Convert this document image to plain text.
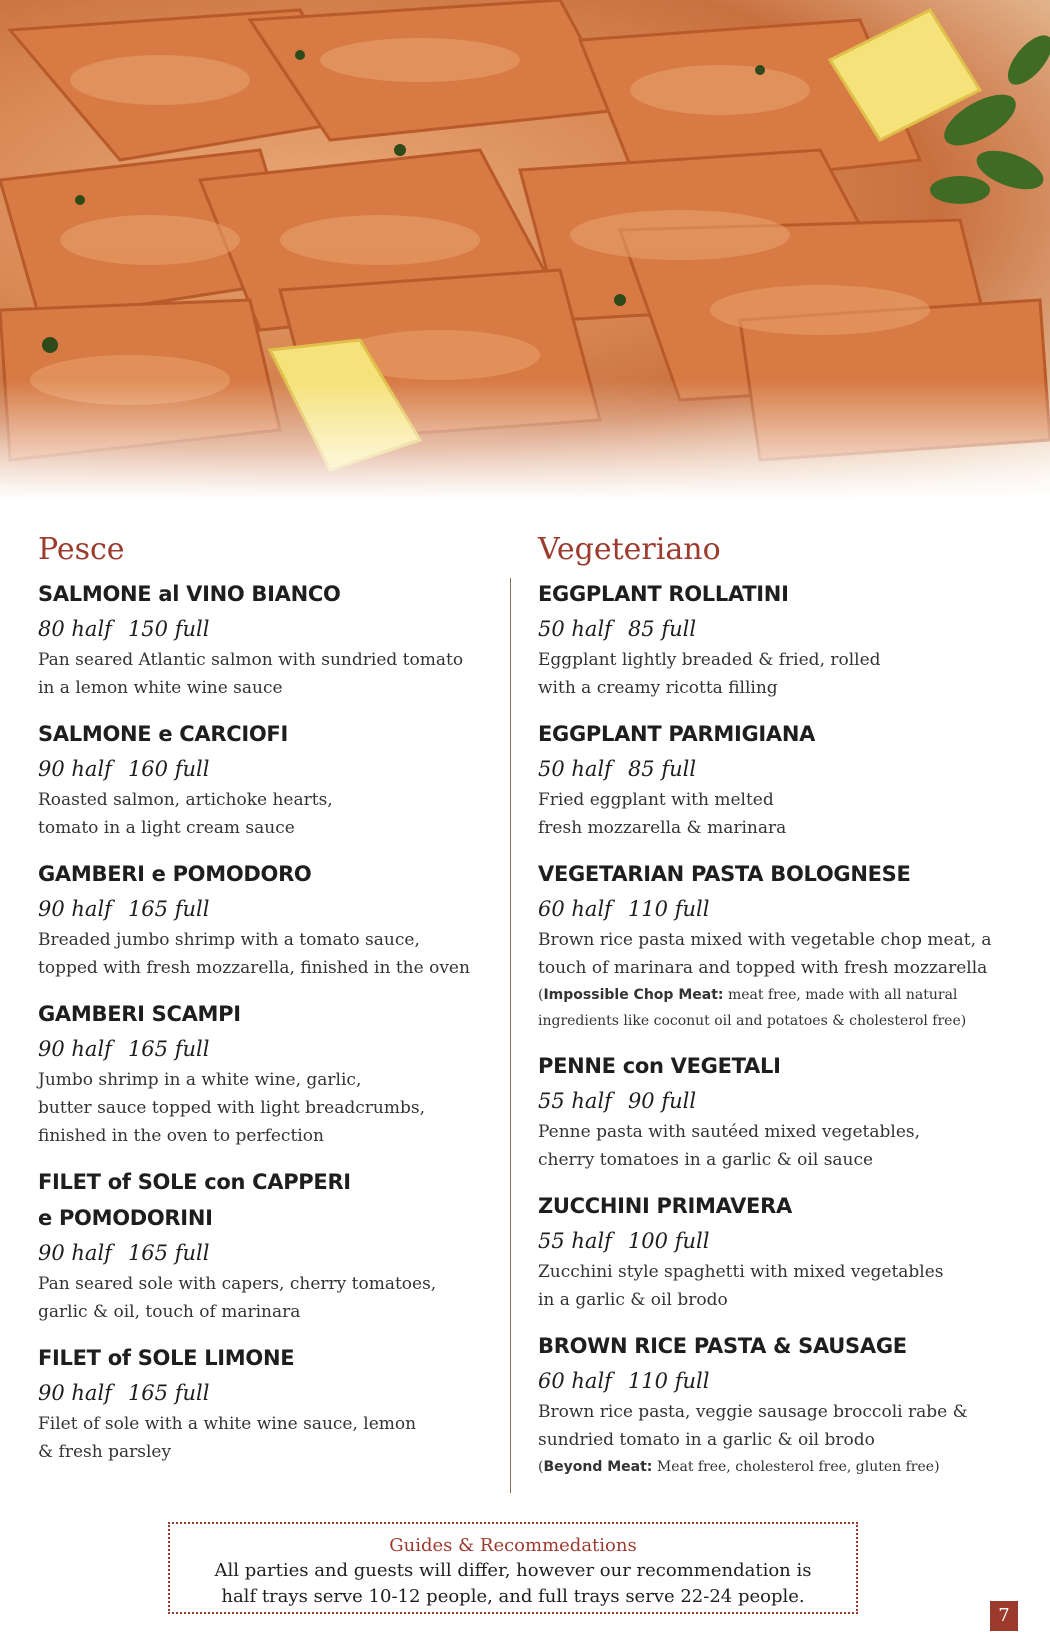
Pesce
SALMONE al VINO BIANCO
80 half 150 full
Pan seared Atlantic salmon with sundried tomato
in a lemon white wine sauce
SALMONE e CARCIOFI
90 half 160 full
Roasted salmon, artichoke hearts,
tomato in a light cream sauce
GAMBERI e POMODORO
90 half 165 full
Breaded jumbo shrimp with a tomato sauce,
topped with fresh mozzarella, finished in the oven
GAMBERI SCAMPI
90 half 165 full
Jumbo shrimp in a white wine, garlic,
butter sauce topped with light breadcrumbs,
finished in the oven to perfection
FILET of SOLE con CAPPERI e POMODORINI
90 half 165 full
Pan seared sole with capers, cherry tomatoes,
garlic & oil, touch of marinara
FILET of SOLE LIMONE
90 half 165 full
Filet of sole with a white wine sauce, lemon
& fresh parsley
Vegeteriano
EGGPLANT ROLLATINI
50 half 85 full
Eggplant lightly breaded & fried, rolled
with a creamy ricotta filling
EGGPLANT PARMIGIANA
50 half 85 full
Fried eggplant with melted
fresh mozzarella & marinara
VEGETARIAN PASTA BOLOGNESE
60 half 110 full
Brown rice pasta mixed with vegetable chop meat, a
touch of marinara and topped with fresh mozzarella
(Impossible Chop Meat: meat free, made with all natural
ingredients like coconut oil and potatoes & cholesterol free)
PENNE con VEGETALI
55 half 90 full
Penne pasta with sautéed mixed vegetables,
cherry tomatoes in a garlic & oil sauce
ZUCCHINI PRIMAVERA
55 half 100 full
Zucchini style spaghetti with mixed vegetables
in a garlic & oil brodo
BROWN RICE PASTA & SAUSAGE
60 half 110 full
Brown rice pasta, veggie sausage broccoli rabe &
sundried tomato in a garlic & oil brodo
(Beyond Meat: Meat free, cholesterol free, gluten free)
Guides & Recommedations
All parties and guests will differ, however our recommendation is
half trays serve 10-12 people, and full trays serve 22-24 people.
7
